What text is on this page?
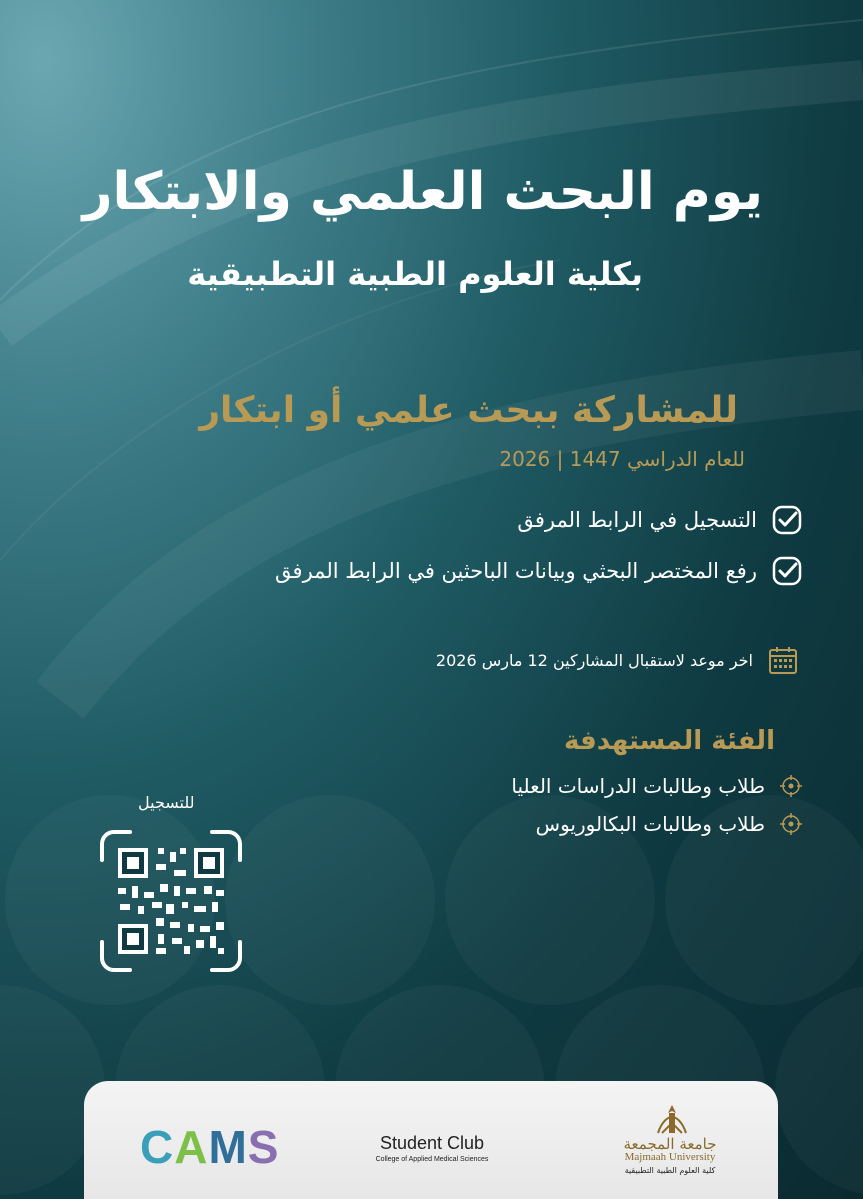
يوم البحث العلمي والابتكار
بكلية العلوم الطبية التطبيقية
للمشاركة ببحث علمي أو ابتكار
للعام الدراسي 1447 | 2026
التسجيل في الرابط المرفق
رفع المختصر البحثي وبيانات الباحثين في الرابط المرفق
اخر موعد لاستقبال المشاركين 12 مارس 2026
الفئة المستهدفة
طلاب وطالبات الدراسات العليا
طلاب وطالبات البكالوريوس
للتسجيل
CAMS	Student Club
College of Applied Medical Sciences
جامعة المجمعة
Majmaah University
كلية العلوم الطبية التطبيقية
